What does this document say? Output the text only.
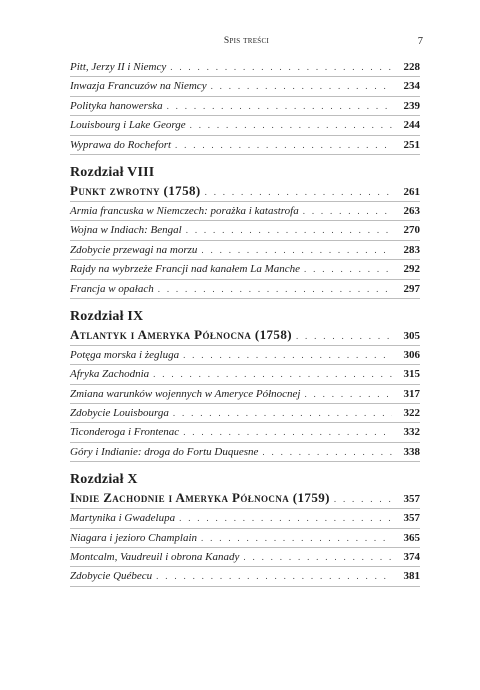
Spis treści	7
Pitt, Jerzy II i Niemcy . . .	228
Inwazja Francuzów na Niemcy . . .	234
Polityka hanowerska . . .	239
Louisbourg i Lake George . . .	244
Wyprawa do Rochefort . . .	251
Rozdział VIII
Punkt zwrotny (1758) . . .	261
Armia francuska w Niemczech: porażka i katastrofa . . .	263
Wojna w Indiach: Bengal . . .	270
Zdobycie przewagi na morzu . . .	283
Rajdy na wybrzeże Francji nad kanałem La Manche . . .	292
Francja w opałach . . .	297
Rozdział IX
Atlantyk i Ameryka Północna (1758) . . .	305
Potęga morska i żegluga . . .	306
Afryka Zachodnia . . .	315
Zmiana warunków wojennych w Ameryce Północnej . . .	317
Zdobycie Louisbourga . . .	322
Ticonderoga i Frontenac . . .	332
Góry i Indianie: droga do Fortu Duquesne . . .	338
Rozdział X
Indie Zachodnie i Ameryka Północna (1759) . . .	357
Martynika i Gwadelupa . . .	357
Niagara i jezioro Champlain . . .	365
Montcalm, Vaudreuil i obrona Kanady . . .	374
Zdobycie Québecu . . .	381
